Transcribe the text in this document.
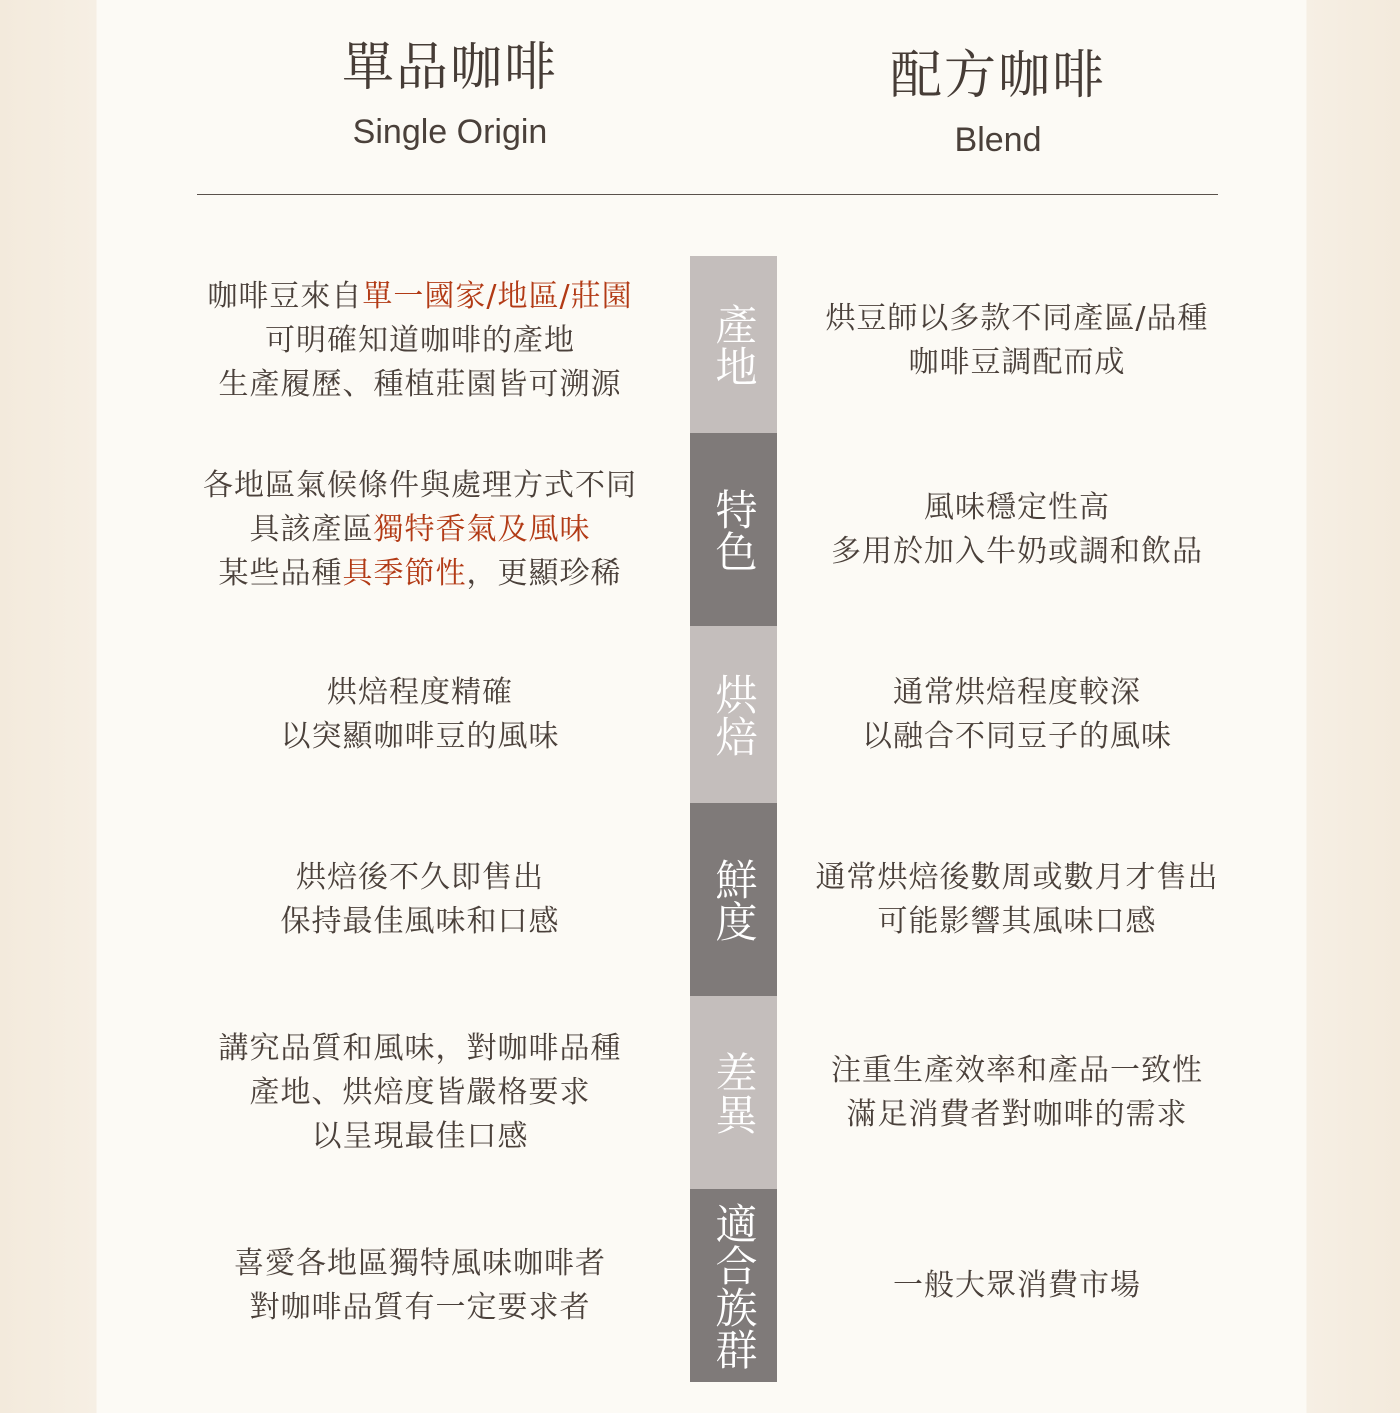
單品咖啡
Single Origin
配方咖啡
Blend
產地
咖啡豆來自單一國家/地區/莊園
可明確知道咖啡的產地
生產履歷、種植莊園皆可溯源
烘豆師以多款不同產區/品種
咖啡豆調配而成
特色
各地區氣候條件與處理方式不同
具該產區獨特香氣及風味
某些品種具季節性，更顯珍稀
風味穩定性高
多用於加入牛奶或調和飲品
烘焙
烘焙程度精確
以突顯咖啡豆的風味
通常烘焙程度較深
以融合不同豆子的風味
鮮度
烘焙後不久即售出
保持最佳風味和口感
通常烘焙後數周或數月才售出
可能影響其風味口感
差異
講究品質和風味，對咖啡品種
產地、烘焙度皆嚴格要求
以呈現最佳口感
注重生產效率和產品一致性
滿足消費者對咖啡的需求
適合族群
喜愛各地區獨特風味咖啡者
對咖啡品質有一定要求者
一般大眾消費市場
